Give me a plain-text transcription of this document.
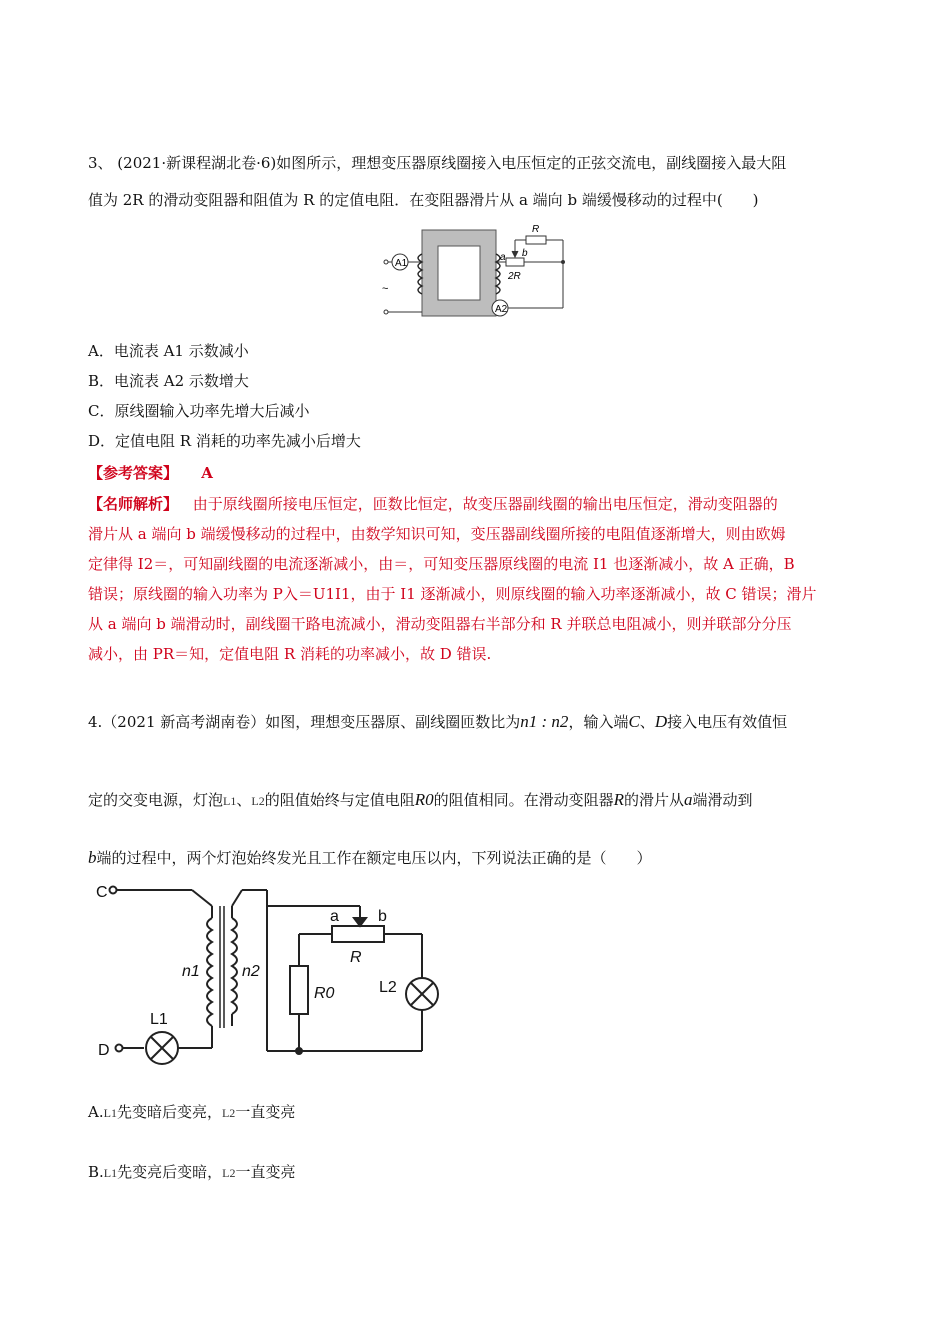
3、 (2021·新课程湖北卷·6)如图所示，理想变压器原线圈接入电压恒定的正弦交流电，副线圈接入最大阻
值为 2R 的滑动变阻器和阻值为 R 的定值电阻．在变阻器滑片从 a 端向 b 端缓慢移动的过程中(　　)
A1
A2
~
R
2R
a b
A．电流表 A1 示数减小
B．电流表 A2 示数增大
C．原线圈输入功率先增大后减小
D．定值电阻 R 消耗的功率先减小后增大
【参考答案】 A
【名师解析】 由于原线圈所接电压恒定，匝数比恒定，故变压器副线圈的输出电压恒定，滑动变阻器的
滑片从 a 端向 b 端缓慢移动的过程中，由数学知识可知，变压器副线圈所接的电阻值逐渐增大，则由欧姆
定律得 I2＝，可知副线圈的电流逐渐减小，由＝，可知变压器原线圈的电流 I1 也逐渐减小，故 A 正确，B
错误；原线圈的输入功率为 P入＝U1I1，由于 I1 逐渐减小，则原线圈的输入功率逐渐减小，故 C 错误；滑片
从 a 端向 b 端滑动时，副线圈干路电流减小，滑动变阻器右半部分和 R 并联总电阻减小，则并联部分分压
减小，由 PR＝知，定值电阻 R 消耗的功率减小，故 D 错误.
4.（2021 新高考湖南卷）如图，理想变压器原、副线圈匝数比为n1 : n2，输入端C、D接入电压有效值恒
定的交变电源，灯泡L1、L2的阻值始终与定值电阻R0的阻值相同。在滑动变阻器R的滑片从a端滑动到
b端的过程中，两个灯泡始终发光且工作在额定电压以内，下列说法正确的是（　　）
C
D
n1	n2
L1
L2
R
R0
a b
A.L1先变暗后变亮，L2一直变亮
B.L1先变亮后变暗，L2一直变亮
